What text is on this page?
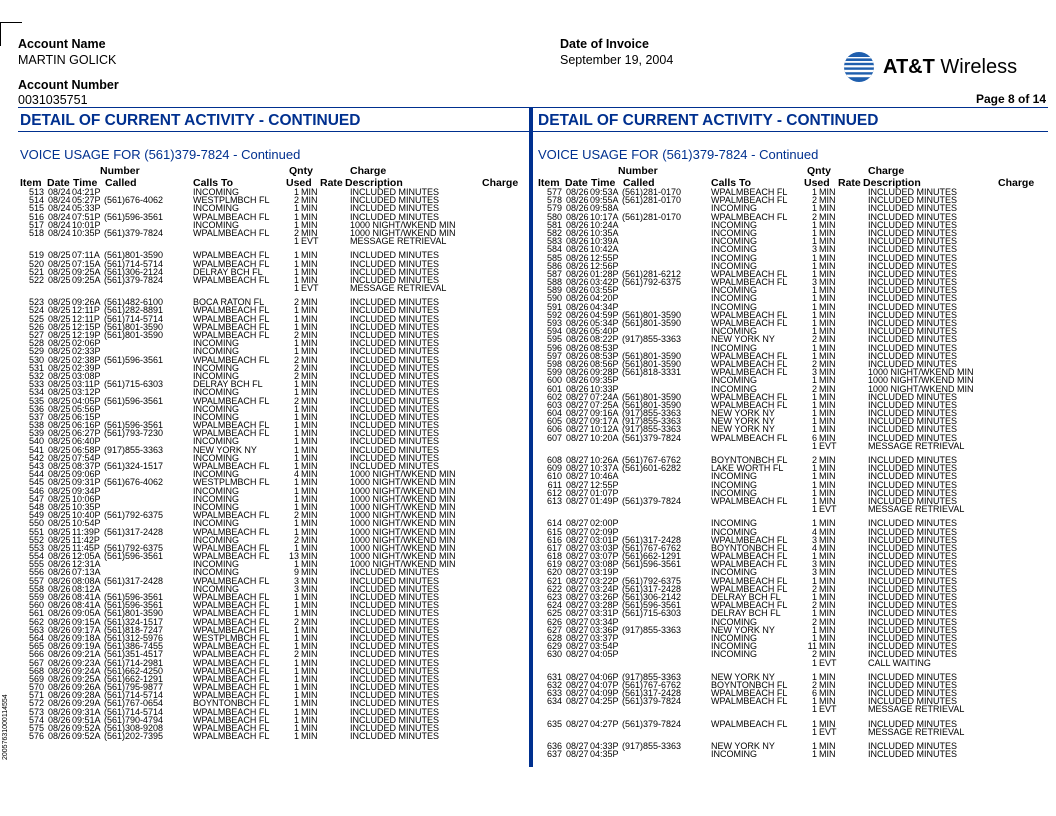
Account Name
MARTIN GOLICK
Account Number
0031035751
Date of Invoice
September 19, 2004	AT&T Wireless
Page 8 of 14
DETAIL OF CURRENT ACTIVITY - CONTINUED	DETAIL OF CURRENT ACTIVITY - CONTINUED
VOICE USAGE FOR (561)379-7824 - Continued	VOICE USAGE FOR (561)379-7824 - Continued
Number	Qnty	Charge
Item Date Time Called	Calls To	Used Rate Description	Charge
Number	Qnty	Charge
Item Date Time Called	Calls To	Used Rate Description	Charge
513 08/24 04:21P	INCOMING	1 MIN	INCLUDED MINUTES
514 08/24 05:27P (561)676-4062	WESTPLMBCH FL	2 MIN	INCLUDED MINUTES
515 08/24 05:33P	INCOMING	1 MIN	INCLUDED MINUTES
516 08/24 07:51P (561)596-3561	WPALMBEACH FL	1 MIN	INCLUDED MINUTES
517 08/24 10:01P	INCOMING	1 MIN	1000 NIGHT/WKEND MIN
518 08/24 10:35P (561)379-7824	WPALMBEACH FL	2 MIN	1000 NIGHT/WKEND MIN
1 EVT	MESSAGE RETRIEVAL
519 08/25 07:11A (561)801-3590	WPALMBEACH FL	1 MIN	INCLUDED MINUTES
520 08/25 07:15A (561)714-5714	WPALMBEACH FL	1 MIN	INCLUDED MINUTES
521 08/25 09:25A (561)306-2124	DELRAY BCH FL	1 MIN	INCLUDED MINUTES
522 08/25 09:25A (561)379-7824	WPALMBEACH FL	1 MIN	INCLUDED MINUTES
1 EVT	MESSAGE RETRIEVAL
523 08/25 09:26A (561)482-6100	BOCA RATON FL	2 MIN	INCLUDED MINUTES
524 08/25 12:11P (561)282-8891	WPALMBEACH FL	1 MIN	INCLUDED MINUTES
525 08/25 12:11P (561)714-5714	WPALMBEACH FL	1 MIN	INCLUDED MINUTES
526 08/25 12:15P (561)801-3590	WPALMBEACH FL	1 MIN	INCLUDED MINUTES
527 08/25 12:19P (561)801-3590	WPALMBEACH FL	2 MIN	INCLUDED MINUTES
528 08/25 02:06P	INCOMING	1 MIN	INCLUDED MINUTES
529 08/25 02:33P	INCOMING	1 MIN	INCLUDED MINUTES
530 08/25 02:38P (561)596-3561	WPALMBEACH FL	2 MIN	INCLUDED MINUTES
531 08/25 02:39P	INCOMING	2 MIN	INCLUDED MINUTES
532 08/25 03:08P	INCOMING	2 MIN	INCLUDED MINUTES
533 08/25 03:11P (561)715-6303	DELRAY BCH FL	1 MIN	INCLUDED MINUTES
534 08/25 03:12P	INCOMING	1 MIN	INCLUDED MINUTES
535 08/25 04:05P (561)596-3561	WPALMBEACH FL	2 MIN	INCLUDED MINUTES
536 08/25 05:56P	INCOMING	1 MIN	INCLUDED MINUTES
537 08/25 06:15P	INCOMING	1 MIN	INCLUDED MINUTES
538 08/25 06:16P (561)596-3561	WPALMBEACH FL	1 MIN	INCLUDED MINUTES
539 08/25 06:27P (561)793-7230	WPALMBEACH FL	1 MIN	INCLUDED MINUTES
540 08/25 06:40P	INCOMING	1 MIN	INCLUDED MINUTES
541 08/25 06:58P (917)855-3363	NEW YORK NY	1 MIN	INCLUDED MINUTES
542 08/25 07:54P	INCOMING	1 MIN	INCLUDED MINUTES
543 08/25 08:37P (561)324-1517	WPALMBEACH FL	1 MIN	INCLUDED MINUTES
544 08/25 09:06P	INCOMING	4 MIN	1000 NIGHT/WKEND MIN
545 08/25 09:31P (561)676-4062	WESTPLMBCH FL	1 MIN	1000 NIGHT/WKEND MIN
546 08/25 09:34P	INCOMING	1 MIN	1000 NIGHT/WKEND MIN
547 08/25 10:06P	INCOMING	1 MIN	1000 NIGHT/WKEND MIN
548 08/25 10:35P	INCOMING	1 MIN	1000 NIGHT/WKEND MIN
549 08/25 10:40P (561)792-6375	WPALMBEACH FL	2 MIN	1000 NIGHT/WKEND MIN
550 08/25 10:54P	INCOMING	1 MIN	1000 NIGHT/WKEND MIN
551 08/25 11:39P (561)317-2428	WPALMBEACH FL	1 MIN	1000 NIGHT/WKEND MIN
552 08/25 11:42P	INCOMING	2 MIN	1000 NIGHT/WKEND MIN
553 08/25 11:45P (561)792-6375	WPALMBEACH FL	1 MIN	1000 NIGHT/WKEND MIN
554 08/26 12:05A (561)596-3561	WPALMBEACH FL	13 MIN	1000 NIGHT/WKEND MIN
555 08/26 12:31A	INCOMING	1 MIN	1000 NIGHT/WKEND MIN
556 08/26 07:13A	INCOMING	9 MIN	INCLUDED MINUTES
557 08/26 08:08A (561)317-2428	WPALMBEACH FL	3 MIN	INCLUDED MINUTES
558 08/26 08:12A	INCOMING	3 MIN	INCLUDED MINUTES
559 08/26 08:41A (561)596-3561	WPALMBEACH FL	1 MIN	INCLUDED MINUTES
560 08/26 08:41A (561)596-3561	WPALMBEACH FL	1 MIN	INCLUDED MINUTES
561 08/26 09:05A (561)801-3590	WPALMBEACH FL	1 MIN	INCLUDED MINUTES
562 08/26 09:15A (561)324-1517	WPALMBEACH FL	2 MIN	INCLUDED MINUTES
563 08/26 09:17A (561)818-7247	WPALMBEACH FL	1 MIN	INCLUDED MINUTES
564 08/26 09:18A (561)312-5976	WESTPLMBCH FL	1 MIN	INCLUDED MINUTES
565 08/26 09:19A (561)386-7455	WPALMBEACH FL	1 MIN	INCLUDED MINUTES
566 08/26 09:21A (561)351-4517	WPALMBEACH FL	2 MIN	INCLUDED MINUTES
567 08/26 09:23A (561)714-2981	WPALMBEACH FL	1 MIN	INCLUDED MINUTES
568 08/26 09:24A (561)662-4250	WPALMBEACH FL	1 MIN	INCLUDED MINUTES
569 08/26 09:25A (561)662-1291	WPALMBEACH FL	1 MIN	INCLUDED MINUTES
570 08/26 09:26A (561)795-9877	WPALMBEACH FL	1 MIN	INCLUDED MINUTES
571 08/26 09:28A (561)714-5714	WPALMBEACH FL	1 MIN	INCLUDED MINUTES
572 08/26 09:29A (561)767-0654	BOYNTONBCH FL	1 MIN	INCLUDED MINUTES
573 08/26 09:31A (561)714-5714	WPALMBEACH FL	1 MIN	INCLUDED MINUTES
574 08/26 09:51A (561)790-4794	WPALMBEACH FL	1 MIN	INCLUDED MINUTES
575 08/26 09:52A (561)308-9208	WPALMBEACH FL	1 MIN	INCLUDED MINUTES
576 08/26 09:52A (561)202-7395	WPALMBEACH FL	1 MIN	INCLUDED MINUTES
577 08/26 09:53A (561)281-0170	WPALMBEACH FL	1 MIN	INCLUDED MINUTES
578 08/26 09:55A (561)281-0170	WPALMBEACH FL	2 MIN	INCLUDED MINUTES
579 08/26 09:58A	INCOMING	1 MIN	INCLUDED MINUTES
580 08/26 10:17A (561)281-0170	WPALMBEACH FL	2 MIN	INCLUDED MINUTES
581 08/26 10:24A	INCOMING	1 MIN	INCLUDED MINUTES
582 08/26 10:35A	INCOMING	1 MIN	INCLUDED MINUTES
583 08/26 10:39A	INCOMING	1 MIN	INCLUDED MINUTES
584 08/26 10:42A	INCOMING	3 MIN	INCLUDED MINUTES
585 08/26 12:55P	INCOMING	1 MIN	INCLUDED MINUTES
586 08/26 12:56P	INCOMING	1 MIN	INCLUDED MINUTES
587 08/26 01:28P (561)281-6212	WPALMBEACH FL	1 MIN	INCLUDED MINUTES
588 08/26 03:42P (561)792-6375	WPALMBEACH FL	3 MIN	INCLUDED MINUTES
589 08/26 03:55P	INCOMING	1 MIN	INCLUDED MINUTES
590 08/26 04:20P	INCOMING	1 MIN	INCLUDED MINUTES
591 08/26 04:34P	INCOMING	1 MIN	INCLUDED MINUTES
592 08/26 04:59P (561)801-3590	WPALMBEACH FL	1 MIN	INCLUDED MINUTES
593 08/26 05:34P (561)801-3590	WPALMBEACH FL	1 MIN	INCLUDED MINUTES
594 08/26 05:40P	INCOMING	1 MIN	INCLUDED MINUTES
595 08/26 08:22P (917)855-3363	NEW YORK NY	2 MIN	INCLUDED MINUTES
596 08/26 08:53P	INCOMING	1 MIN	INCLUDED MINUTES
597 08/26 08:53P (561)801-3590	WPALMBEACH FL	1 MIN	INCLUDED MINUTES
598 08/26 08:56P (561)801-3590	WPALMBEACH FL	2 MIN	INCLUDED MINUTES
599 08/26 09:28P (561)818-3331	WPALMBEACH FL	3 MIN	1000 NIGHT/WKEND MIN
600 08/26 09:35P	INCOMING	1 MIN	1000 NIGHT/WKEND MIN
601 08/26 10:33P	INCOMING	2 MIN	1000 NIGHT/WKEND MIN
602 08/27 07:24A (561)801-3590	WPALMBEACH FL	1 MIN	INCLUDED MINUTES
603 08/27 07:25A (561)801-3590	WPALMBEACH FL	1 MIN	INCLUDED MINUTES
604 08/27 09:16A (917)855-3363	NEW YORK NY	1 MIN	INCLUDED MINUTES
605 08/27 09:17A (917)855-3363	NEW YORK NY	1 MIN	INCLUDED MINUTES
606 08/27 10:12A (917)855-3363	NEW YORK NY	1 MIN	INCLUDED MINUTES
607 08/27 10:20A (561)379-7824	WPALMBEACH FL	6 MIN	INCLUDED MINUTES
1 EVT	MESSAGE RETRIEVAL
608 08/27 10:26A (561)767-6762	BOYNTONBCH FL	2 MIN	INCLUDED MINUTES
609 08/27 10:37A (561)601-6282	LAKE WORTH FL	1 MIN	INCLUDED MINUTES
610 08/27 10:46A	INCOMING	1 MIN	INCLUDED MINUTES
611 08/27 12:55P	INCOMING	1 MIN	INCLUDED MINUTES
612 08/27 01:07P	INCOMING	1 MIN	INCLUDED MINUTES
613 08/27 01:49P (561)379-7824	WPALMBEACH FL	1 MIN	INCLUDED MINUTES
1 EVT	MESSAGE RETRIEVAL
614 08/27 02:00P	INCOMING	1 MIN	INCLUDED MINUTES
615 08/27 02:09P	INCOMING	4 MIN	INCLUDED MINUTES
616 08/27 03:01P (561)317-2428	WPALMBEACH FL	3 MIN	INCLUDED MINUTES
617 08/27 03:03P (561)767-6762	BOYNTONBCH FL	4 MIN	INCLUDED MINUTES
618 08/27 03:07P (561)662-1291	WPALMBEACH FL	1 MIN	INCLUDED MINUTES
619 08/27 03:08P (561)596-3561	WPALMBEACH FL	3 MIN	INCLUDED MINUTES
620 08/27 03:19P	INCOMING	3 MIN	INCLUDED MINUTES
621 08/27 03:22P (561)792-6375	WPALMBEACH FL	1 MIN	INCLUDED MINUTES
622 08/27 03:24P (561)317-2428	WPALMBEACH FL	2 MIN	INCLUDED MINUTES
623 08/27 03:26P (561)306-2142	DELRAY BCH FL	1 MIN	INCLUDED MINUTES
624 08/27 03:28P (561)596-3561	WPALMBEACH FL	2 MIN	INCLUDED MINUTES
625 08/27 03:31P (561)715-6303	DELRAY BCH FL	1 MIN	INCLUDED MINUTES
626 08/27 03:34P	INCOMING	2 MIN	INCLUDED MINUTES
627 08/27 03:36P (917)855-3363	NEW YORK NY	1 MIN	INCLUDED MINUTES
628 08/27 03:37P	INCOMING	1 MIN	INCLUDED MINUTES
629 08/27 03:54P	INCOMING	11 MIN	INCLUDED MINUTES
630 08/27 04:05P	INCOMING	2 MIN	INCLUDED MINUTES
1 EVT	CALL WAITING
631 08/27 04:06P (917)855-3363	NEW YORK NY	1 MIN	INCLUDED MINUTES
632 08/27 04:07P (561)767-6762	BOYNTONBCH FL	2 MIN	INCLUDED MINUTES
633 08/27 04:09P (561)317-2428	WPALMBEACH FL	6 MIN	INCLUDED MINUTES
634 08/27 04:25P (561)379-7824	WPALMBEACH FL	1 MIN	INCLUDED MINUTES
1 EVT	MESSAGE RETRIEVAL
635 08/27 04:27P (561)379-7824	WPALMBEACH FL	1 MIN	INCLUDED MINUTES
1 EVT	MESSAGE RETRIEVAL
636 08/27 04:33P (917)855-3363	NEW YORK NY	1 MIN	INCLUDED MINUTES
637 08/27 04:35P	INCOMING	1 MIN	INCLUDED MINUTES
20057631000114554
